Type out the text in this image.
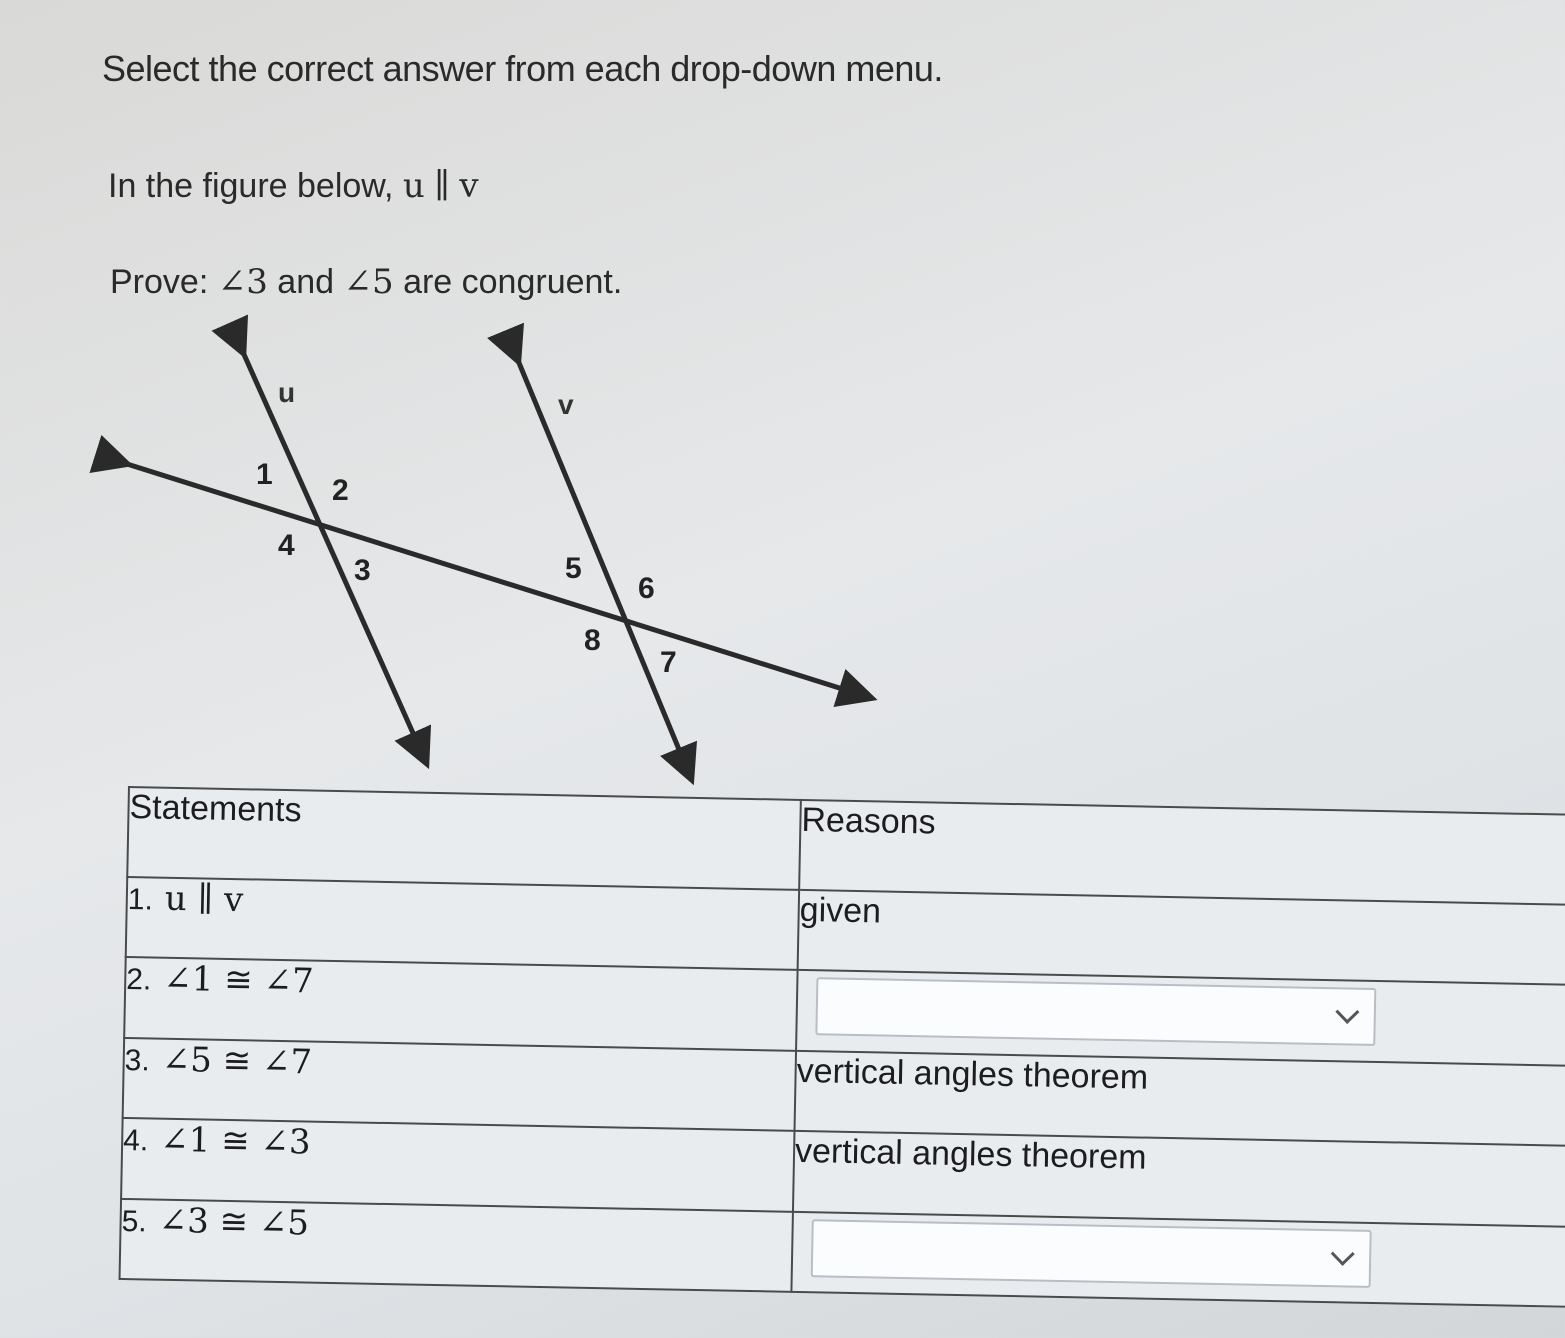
Select the correct answer from each drop-down menu.
In the figure below, u ∥ v
Prove: ∠3 and ∠5 are congruent.
u	v
1 2
3
4
5
6
7
8
Statements	Reasons
1. u ∥ v	given
2. ∠1 ≅ ∠7	

3. ∠5 ≅ ∠7	vertical angles theorem
4. ∠1 ≅ ∠3	vertical angles theorem
5. ∠3 ≅ ∠5	
